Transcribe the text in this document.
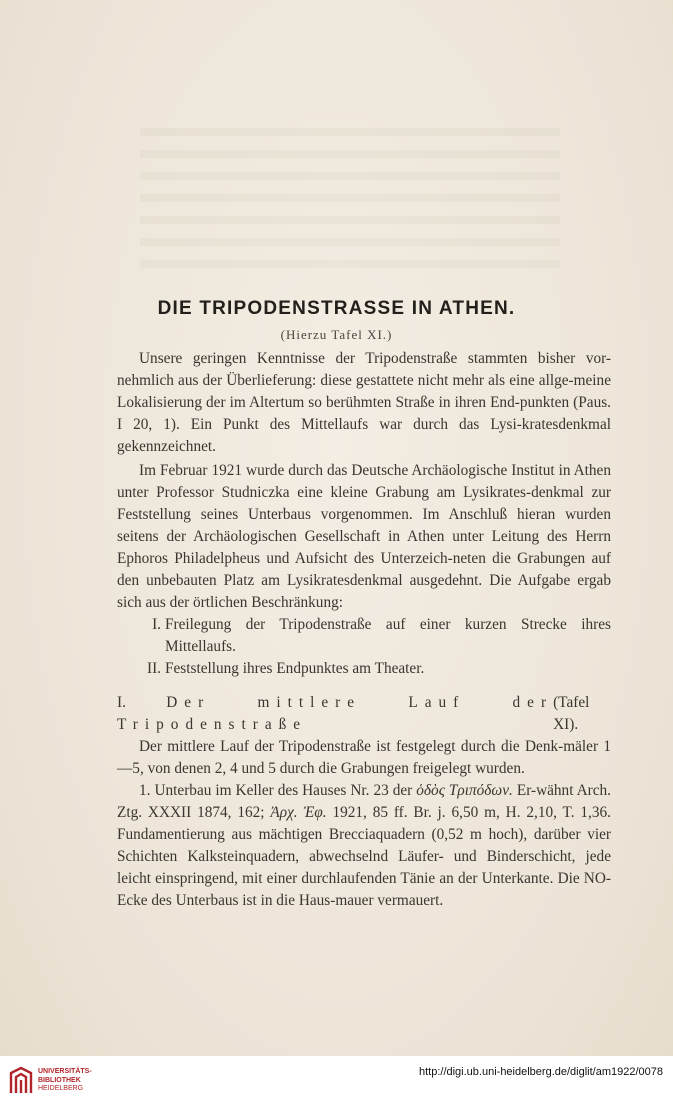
DIE TRIPODENSTRASSE IN ATHEN.
(Hierzu Tafel XI.)

Unsere geringen Kenntnisse der Tripodenstraße stammten bisher vor-nehmlich aus der Überlieferung: diese gestattete nicht mehr als eine allge-meine Lokalisierung der im Altertum so berühmten Straße in ihren End-punkten (Paus. I 20, 1). Ein Punkt des Mittellaufs war durch das Lysi-kratesdenkmal gekennzeichnet.

Im Februar 1921 wurde durch das Deutsche Archäologische Institut in Athen unter Professor Studniczka eine kleine Grabung am Lysikrates-denkmal zur Feststellung seines Unterbaus vorgenommen. Im Anschluß hieran wurden seitens der Archäologischen Gesellschaft in Athen unter Leitung des Herrn Ephoros Philadelpheus und Aufsicht des Unterzeich-neten die Grabungen auf den unbebauten Platz am Lysikratesdenkmal ausgedehnt. Die Aufgabe ergab sich aus der örtlichen Beschränkung:

I. Freilegung der Tripodenstraße auf einer kurzen Strecke ihres Mittellaufs.
II. Feststellung ihres Endpunktes am Theater.
I.	Der mittlere Lauf der Tripodenstraße
(Tafel XI).

Der mittlere Lauf der Tripodenstraße ist festgelegt durch die Denk-mäler 1—5, von denen 2, 4 und 5 durch die Grabungen freigelegt wurden.

1. Unterbau im Keller des Hauses Nr. 23 der ὁδὸς Τριπόδων. Er-wähnt Arch. Ztg. XXXII 1874, 162; Ἀρχ. Ἐφ. 1921, 85 ff. Br. j. 6,50 m, H. 2,10, T. 1,36. Fundamentierung aus mächtigen Brecciaquadern (0,52 m hoch), darüber vier Schichten Kalksteinquadern, abwechselnd Läufer- und Binderschicht, jede leicht einspringend, mit einer durchlaufenden Tänie an der Unterkante. Die NO-Ecke des Unterbaus ist in die Haus-mauer vermauert.

UNIVERSITÄTS-
BIBLIOTHEK
HEIDELBERG
http://digi.ub.uni-heidelberg.de/diglit/am1922/0078
